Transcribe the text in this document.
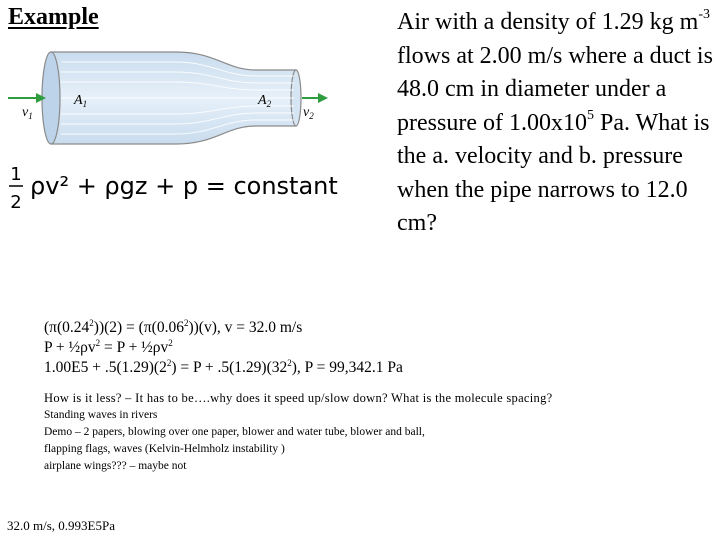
Example	Air with a density of 1.29 kg $m^{-3}$ flows at 2.00 m/s where a duct is 48.0 cm in diameter under a pressure of $1.00x10^5$ Pa. What is the a. velocity and b. pressure when the pipe narrows to 12.0 cm?
$v_1$
$A_1$	$A_2$
$v_2$
1
2
ρv² + ρgz + p = constant
$(\pi(0.24^2))(2) = (\pi(0.06^2))(v)$, v = 32.0 m/s
$P + \frac{1}{2}\rho v^2 = P$ + $\frac{1}{2}\rho v^2$
$1.00E5 + .5(1.29)(2^2) = P + .5(1.29)(32^2)$, P = 99,342.1 Pa
How is it less? – It has to be….why does it speed up/slow down? What is the molecule spacing?
Standing waves in rivers
Demo – 2 papers, blowing over one paper, blower and water tube, blower and ball,
flapping flags, waves (Kelvin-Helmholz instability )
airplane wings??? – maybe not
32.0 m/s, 0.993E5Pa
